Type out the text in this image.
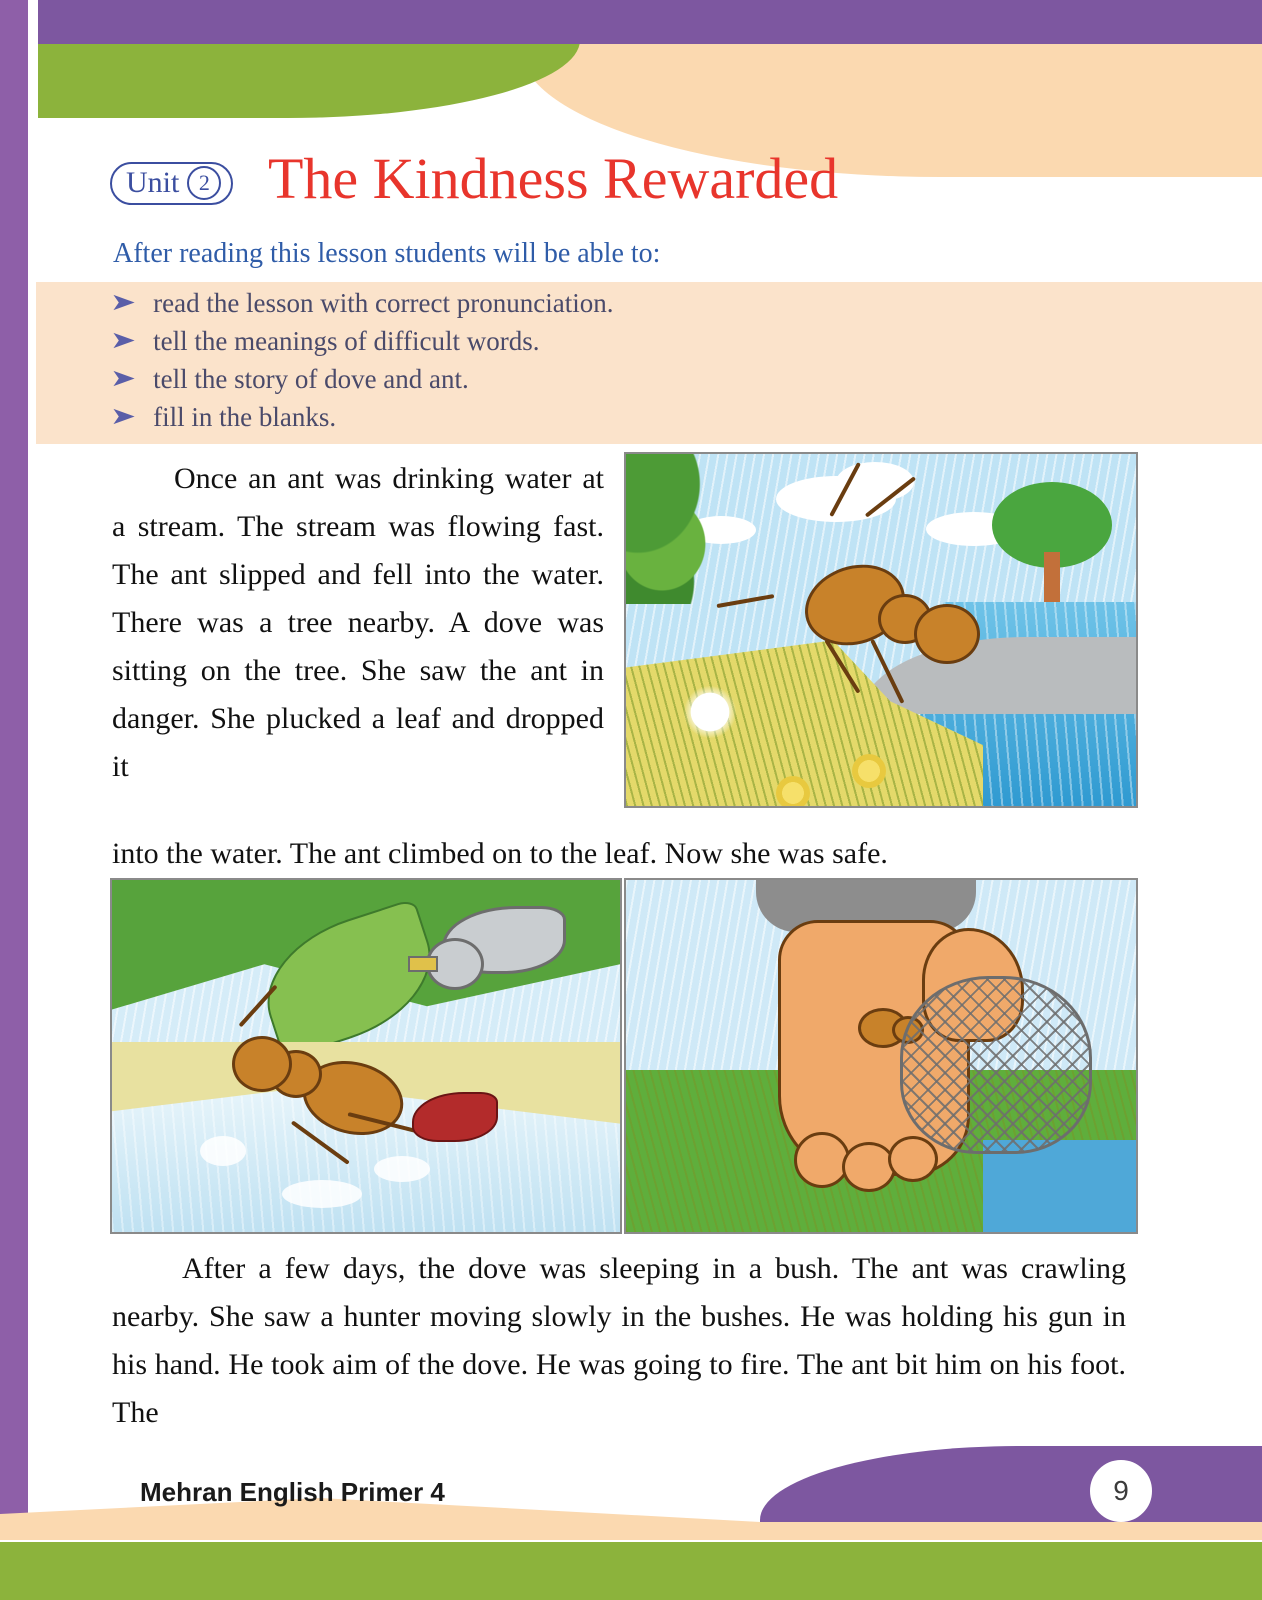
Unit 2 The Kindness Rewarded
After reading this lesson students will be able to:
➤ read the lesson with correct pronunciation.
➤ tell the meanings of difficult words.
➤ tell the story of dove and ant.
➤ fill in the blanks.
Once an ant was drinking water at a stream. The stream was flowing fast. The ant slipped and fell into the water. There was a tree nearby. A dove was sitting on the tree. She saw the ant in danger. She plucked a leaf and dropped it
into the water. The ant climbed on to the leaf. Now she was safe.
After a few days, the dove was sleeping in a bush. The ant was crawling nearby. She saw a hunter moving slowly in the bushes. He was holding his gun in his hand. He took aim of the dove. He was going to fire. The ant bit him on his foot. The
Mehran English Primer 4	9
